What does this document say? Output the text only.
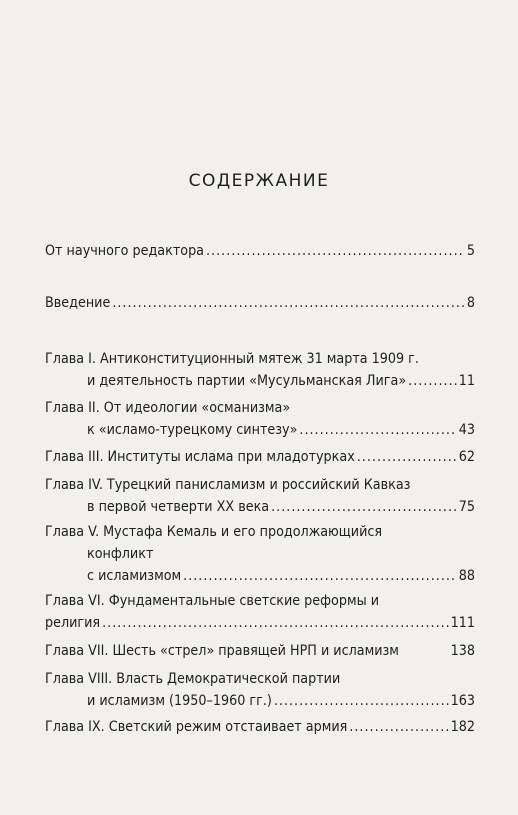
СОДЕРЖАНИЕ
От научного редактора .....	5
Введение .....	8
Глава I. Антиконституционный мятеж 31 марта 1909 г.
и деятельность партии «Мусульманская Лига» .....	11
Глава II. От идеологии «османизма»
к «исламо-турецкому синтезу» .....	43
Глава III. Институты ислама при младотурках .....	62
Глава IV. Турецкий панисламизм и российский Кавказ
в первой четверти XX века .....	75
Глава V. Мустафа Кемаль и его продолжающийся
конфликт
с исламизмом .....	88
Глава VI. Фундаментальные светские реформы и
религия .....	111
Глава VII. Шесть «стрел» правящей НРП и исламизм	138
Глава VIII. Власть Демократической партии
и исламизм (1950–1960 гг.) .....	163
Глава IX. Светский режим отстаивает армия .....	182
